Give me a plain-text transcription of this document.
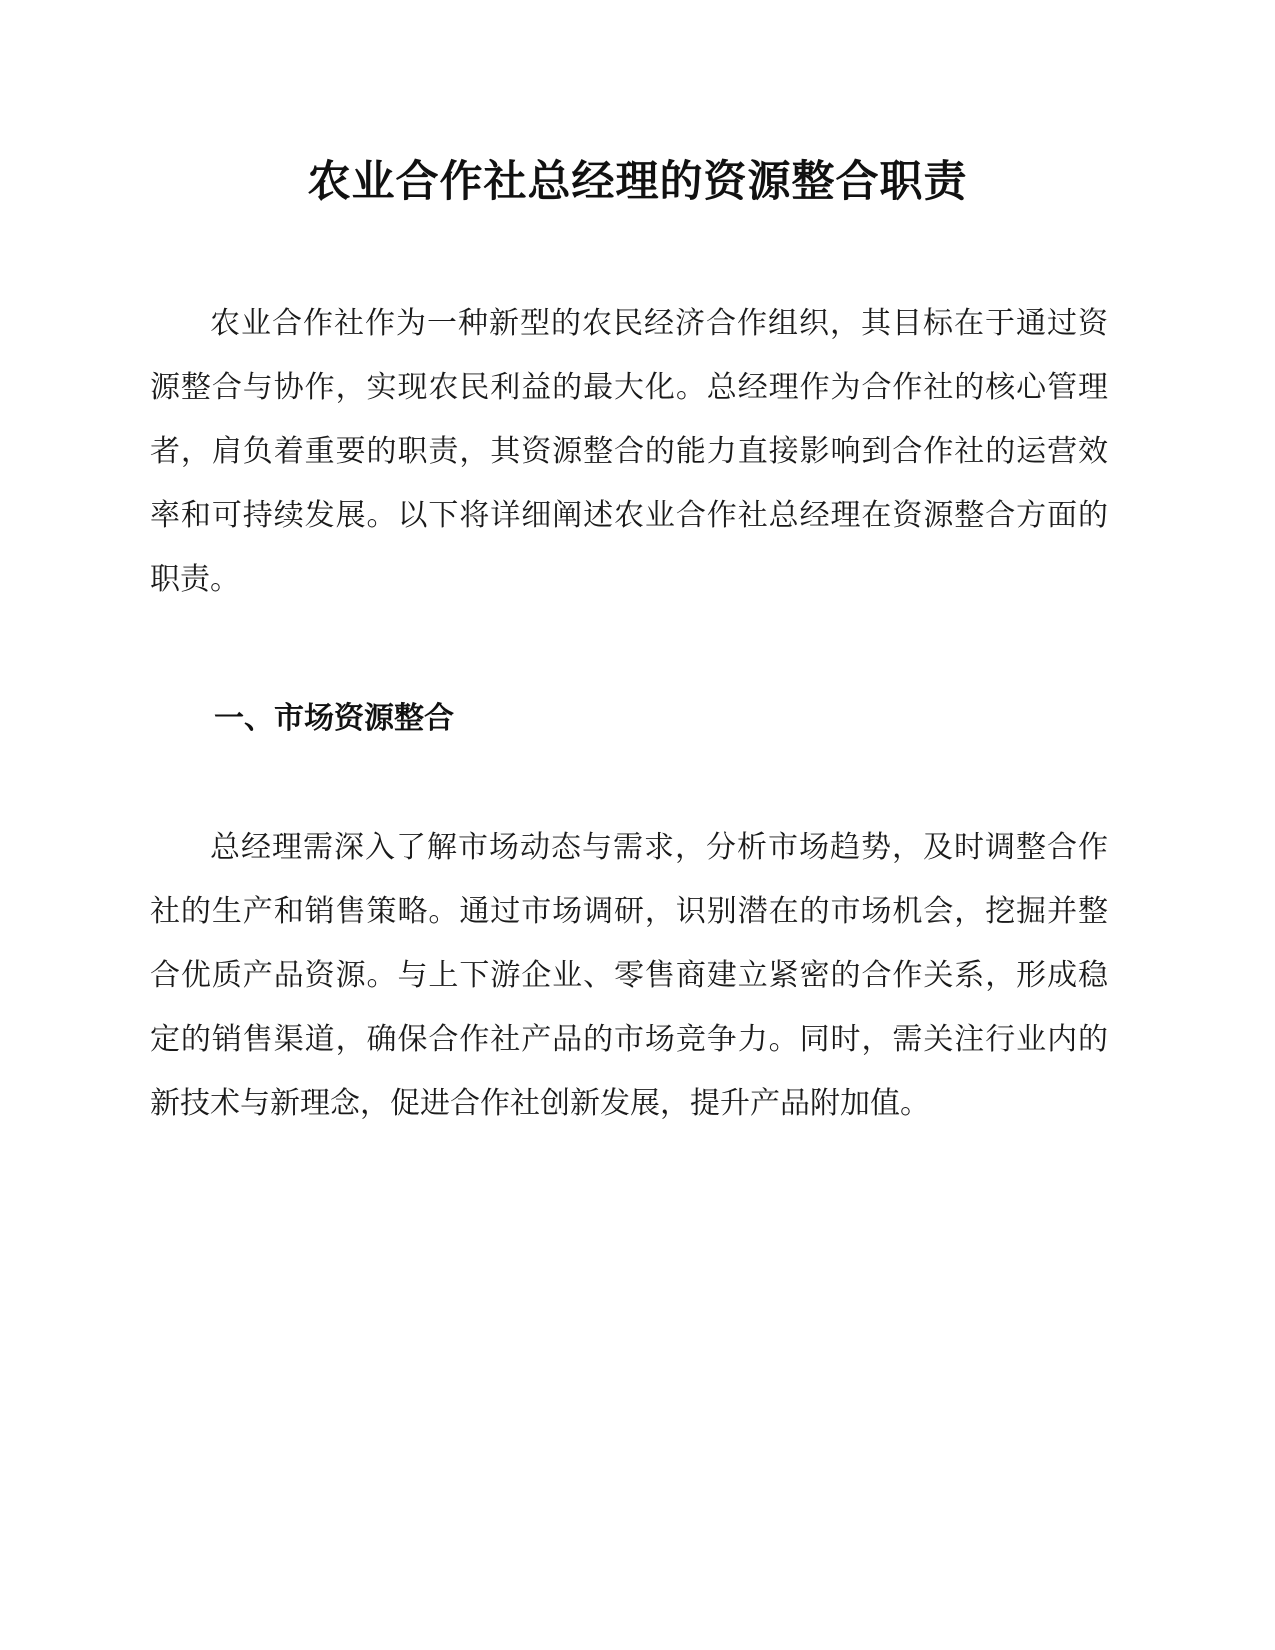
农业合作社总经理的资源整合职责

农业合作社作为一种新型的农民经济合作组织，其目标在于通过资源整合与协作，实现农民利益的最大化。总经理作为合作社的核心管理者，肩负着重要的职责，其资源整合的能力直接影响到合作社的运营效率和可持续发展。以下将详细阐述农业合作社总经理在资源整合方面的职责。

一、市场资源整合

总经理需深入了解市场动态与需求，分析市场趋势，及时调整合作社的生产和销售策略。通过市场调研，识别潜在的市场机会，挖掘并整合优质产品资源。与上下游企业、零售商建立紧密的合作关系，形成稳定的销售渠道，确保合作社产品的市场竞争力。同时，需关注行业内的新技术与新理念，促进合作社创新发展，提升产品附加值。
